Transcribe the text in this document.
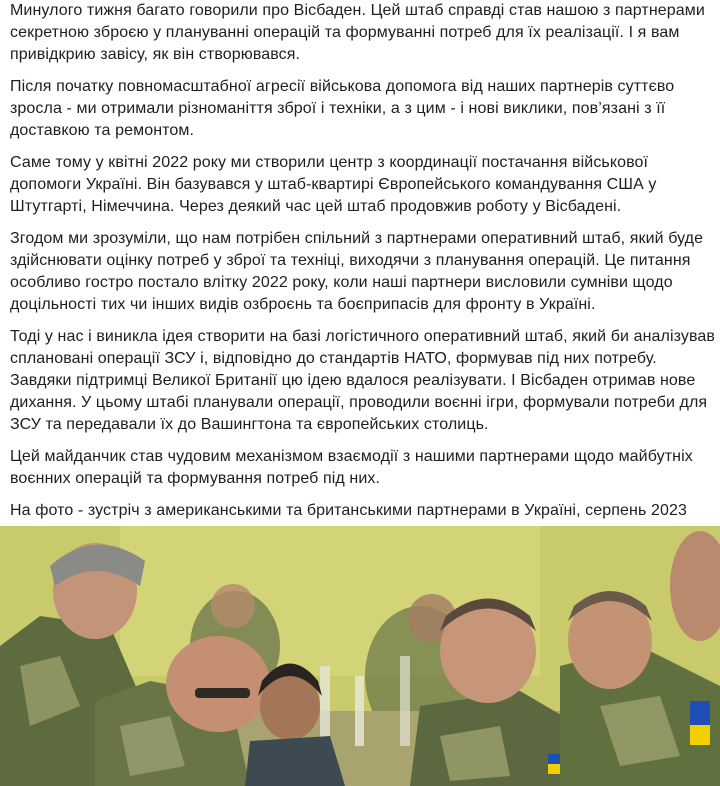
Минулого тижня багато говорили про Вісбаден. Цей штаб справді став нашою з партнерами
секретною зброєю у плануванні операцій та формуванні потреб для їх реалізації. І я вам
привідкрию завісу, як він створювався.

Після початку повномасштабної агресії військова допомога від наших партнерів суттєво
зросла - ми отримали різноманіття зброї і техніки, а з цим - і нові виклики, пов’язані з її
доставкою та ремонтом.

Саме тому у квітні 2022 року ми створили центр з координації постачання військової
допомоги Україні. Він базувався у штаб-квартирі Європейського командування США у
Штутгарті, Німеччина. Через деякий час цей штаб продовжив роботу у Вісбадені.

Згодом ми зрозуміли, що нам потрібен спільний з партнерами оперативний штаб, який буде
здійснювати оцінку потреб у зброї та техніці, виходячи з планування операцій. Це питання
особливо гостро постало влітку 2022 року, коли наші партнери висловили сумніви щодо
доцільності тих чи інших видів озброєнь та боєприпасів для фронту в Україні.

Тоді у нас і виникла ідея створити на базі логістичного оперативний штаб, який би аналізував
сплановані операції ЗСУ і, відповідно до стандартів НАТО, формував під них потребу.
Завдяки підтримці Великої Британії цю ідею вдалося реалізувати. І Вісбаден отримав нове
дихання. У цьому штабі планували операції, проводили воєнні ігри, формували потреби для
ЗСУ та передавали їх до Вашингтона та європейських столиць.

Цей майданчик став чудовим механізмом взаємодії з нашими партнерами щодо майбутніх
воєнних операцій та формування потреб під них.

На фото - зустріч з американськими та британськими партнерами в Україні, серпень 2023
